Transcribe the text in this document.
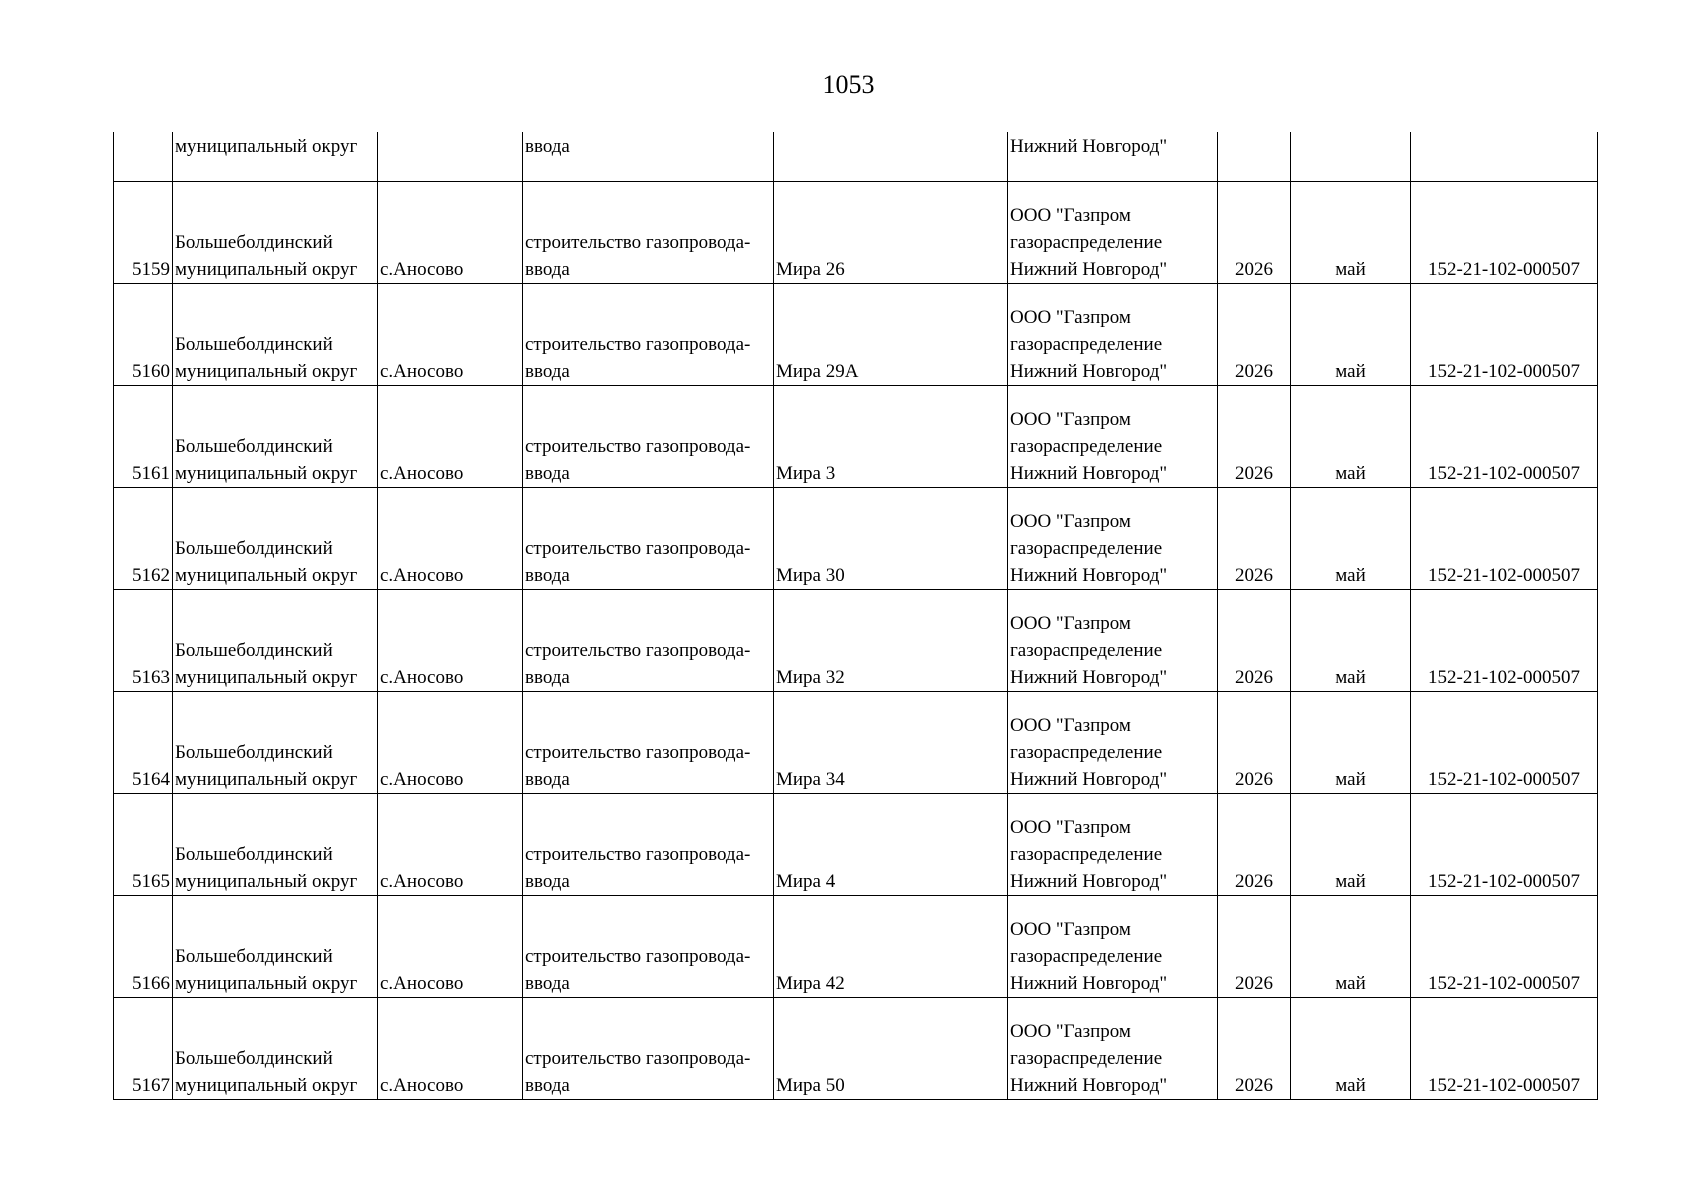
1053
	муниципальный округ		ввода		Нижний Новгород"			
5159	Большеболдинский
муниципальный округ	с.Аносово	строительство газопровода-
ввода	Мира 26	ООО "Газпром
газораспределение
Нижний Новгород"	2026	май	152-21-102-000507
5160	Большеболдинский
муниципальный округ	с.Аносово	строительство газопровода-
ввода	Мира 29А	ООО "Газпром
газораспределение
Нижний Новгород"	2026	май	152-21-102-000507
5161	Большеболдинский
муниципальный округ	с.Аносово	строительство газопровода-
ввода	Мира 3	ООО "Газпром
газораспределение
Нижний Новгород"	2026	май	152-21-102-000507
5162	Большеболдинский
муниципальный округ	с.Аносово	строительство газопровода-
ввода	Мира 30	ООО "Газпром
газораспределение
Нижний Новгород"	2026	май	152-21-102-000507
5163	Большеболдинский
муниципальный округ	с.Аносово	строительство газопровода-
ввода	Мира 32	ООО "Газпром
газораспределение
Нижний Новгород"	2026	май	152-21-102-000507
5164	Большеболдинский
муниципальный округ	с.Аносово	строительство газопровода-
ввода	Мира 34	ООО "Газпром
газораспределение
Нижний Новгород"	2026	май	152-21-102-000507
5165	Большеболдинский
муниципальный округ	с.Аносово	строительство газопровода-
ввода	Мира 4	ООО "Газпром
газораспределение
Нижний Новгород"	2026	май	152-21-102-000507
5166	Большеболдинский
муниципальный округ	с.Аносово	строительство газопровода-
ввода	Мира 42	ООО "Газпром
газораспределение
Нижний Новгород"	2026	май	152-21-102-000507
5167	Большеболдинский
муниципальный округ	с.Аносово	строительство газопровода-
ввода	Мира 50	ООО "Газпром
газораспределение
Нижний Новгород"	2026	май	152-21-102-000507
